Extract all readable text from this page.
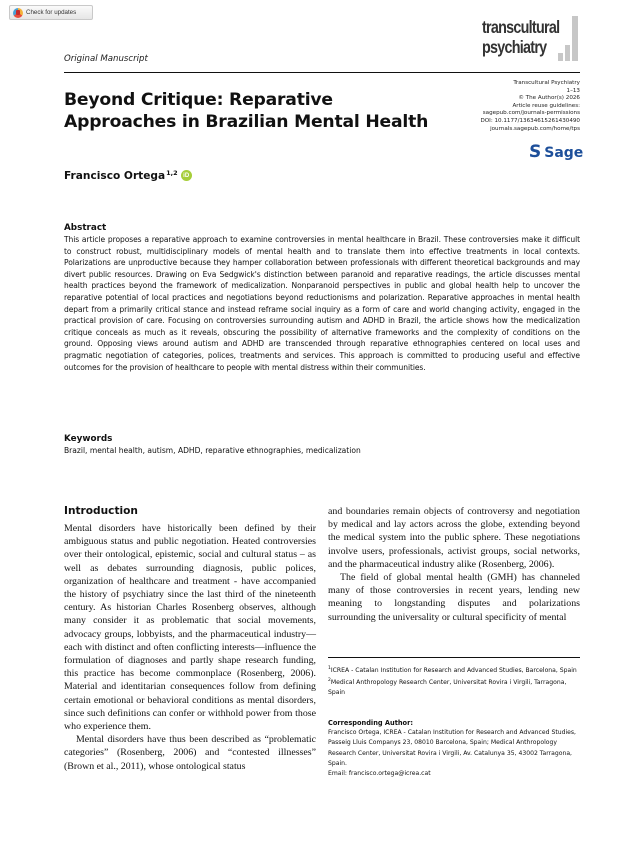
Check for updates
Original Manuscript
transcultural
psychiatry
Transcultural Psychiatry
1–13
© The Author(s) 2026
Article reuse guidelines:
sagepub.com/journals-permissions
DOI: 10.1177/13634615261430490
journals.sagepub.com/home/tps
S Sage
Beyond Critique: Reparative Approaches in Brazilian Mental Health
Francisco Ortega$^{1,2}$ iD
Abstract

This article proposes a reparative approach to examine controversies in mental healthcare in Brazil. These controversies make it difficult to construct robust, multidisciplinary models of mental health and to translate them into effective treatments in local contexts. Polarizations are unproductive because they hamper collaboration between professionals with different theoretical backgrounds and may divert public resources. Drawing on Eva Sedgwick's distinction between paranoid and reparative readings, the article discusses mental health practices beyond the framework of medicalization. Nonparanoid perspectives in public and global health help to uncover the reparative potential of local practices and negotiations beyond reductionisms and polarization. Reparative approaches in mental health depart from a primarily critical stance and instead reframe social inquiry as a form of care and world changing activity, engaged in the practical provision of care. Focusing on controversies surrounding autism and ADHD in Brazil, the article shows how the medicalization critique conceals as much as it reveals, obscuring the possibility of alternative frameworks and the complexity of conditions on the ground. Opposing views around autism and ADHD are transcended through reparative ethnographies centered on local uses and pragmatic negotiation of categories, polices, treatments and services. This approach is committed to producing useful and effective outcomes for the provision of healthcare to people with mental distress within their communities.

Keywords

Brazil, mental health, autism, ADHD, reparative ethnographies, medicalization

Introduction

Mental disorders have historically been defined by their ambiguous status and public negotiation. Heated controversies over their ontological, epistemic, social and cultural status – as well as debates surrounding diagnosis, public polices, organization of healthcare and treatment - have accompanied the history of psychiatry since the last third of the nineteenth century. As historian Charles Rosenberg observes, although many consider it as problematic that social movements, advocacy groups, lobbyists, and the pharmaceutical industry—each with distinct and often conflicting interests—influence the formulation of diagnoses and partly shape research funding, this practice has become commonplace (Rosenberg, 2006). Material and identitarian consequences follow from defining certain emotional or behavioral conditions as mental disorders, since such definitions can confer or withhold power from those who experience them.

Mental disorders have thus been described as “problematic categories” (Rosenberg, 2006) and “contested illnesses” (Brown et al., 2011), whose ontological status

and boundaries remain objects of controversy and negotiation by medical and lay actors across the globe, extending beyond the medical system into the public sphere. These negotiations involve users, professionals, activist groups, social networks, and the pharmaceutical industry alike (Rosenberg, 2006).

The field of global mental health (GMH) has channeled many of those controversies in recent years, lending new meaning to longstanding disputes and polarizations surrounding the universality or cultural specificity of mental

$^1$ICREA - Catalan Institution for Research and Advanced Studies, Barcelona, Spain
$^2$Medical Anthropology Research Center, Universitat Rovira i Virgili, Tarragona, Spain
Corresponding Author:
Francisco Ortega, ICREA - Catalan Institution for Research and Advanced Studies, Passeig Lluis Companys 23, 08010 Barcelona, Spain; Medical Anthropology Research Center, Universitat Rovira i Virgili, Av. Catalunya 35, 43002 Tarragona, Spain.
Email: francisco.ortega@icrea.cat
